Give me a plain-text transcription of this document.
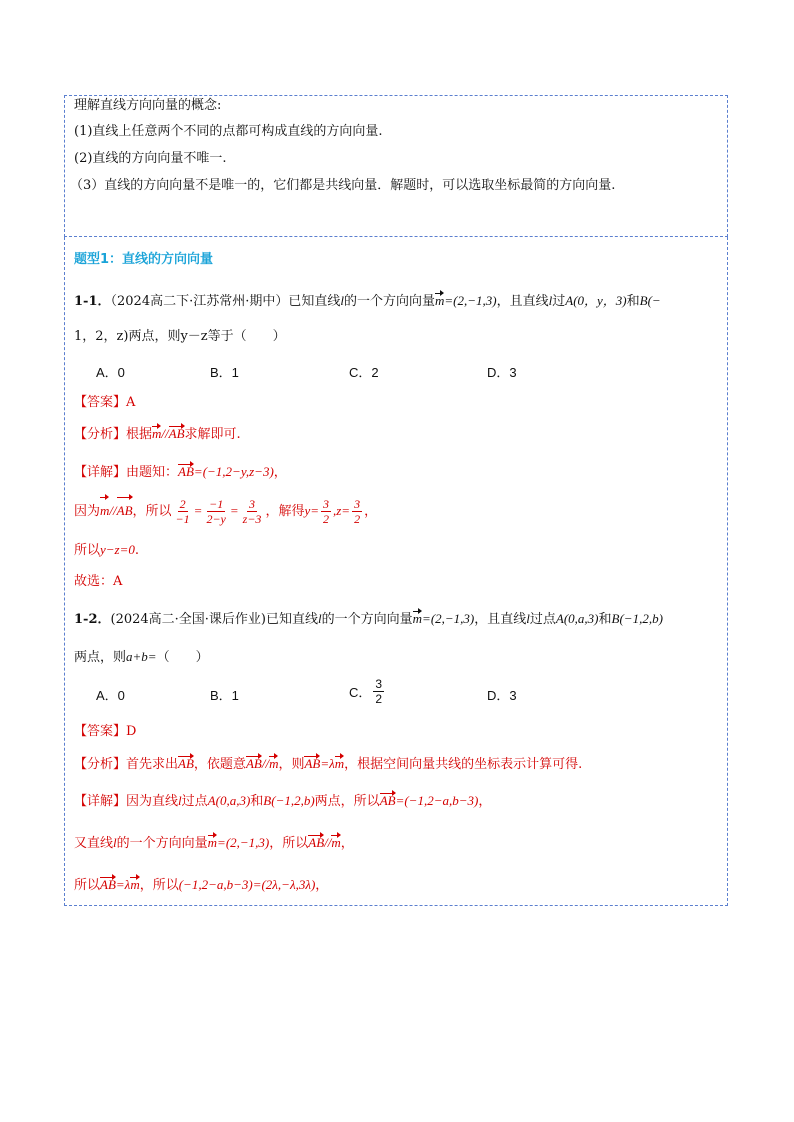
理解直线方向向量的概念:
(1)直线上任意两个不同的点都可构成直线的方向向量.
(2)直线的方向向量不唯一.
（3）直线的方向向量不是唯一的，它们都是共线向量．解题时，可以选取坐标最简的方向向量.
题型1：直线的方向向量
1-1．（2024高二下·江苏常州·期中）已知直线l的一个方向向量m=(2,−1,3)，且直线l过A(0，y，3)和B(−
1，2，z)两点，则y－z等于（　　）
A．0	B．1	C．2	D．3
【答案】A
【分析】根据m//AB求解即可.
【详解】由题知：AB=(−1,2−y,z−3)，
因为m//AB，所以 $\frac{2}{-1} = \frac{-1}{2-y} = \frac{3}{z-3}$ ，解得$y= \frac{3}{2} ,z= \frac{3}{2}$ ，
所以y−z=0.
故选：A
1-2．(2024高二·全国·课后作业)已知直线l的一个方向向量m=(2,−1,3)，且直线l过点A(0,a,3)和B(−1,2,b)
两点，则a+b=（　　）
A．0	B．1	C． $\frac{3}{2}$	D．3
【答案】D
【分析】首先求出AB，依题意AB//m，则AB=λm，根据空间向量共线的坐标表示计算可得.
【详解】因为直线l过点A(0,a,3)和B(−1,2,b)两点，所以AB=(−1,2−a,b−3)，
又直线l的一个方向向量m=(2,−1,3)，所以AB//m，
所以AB=λm，所以(−1,2−a,b−3)=(2λ,−λ,3λ)，
